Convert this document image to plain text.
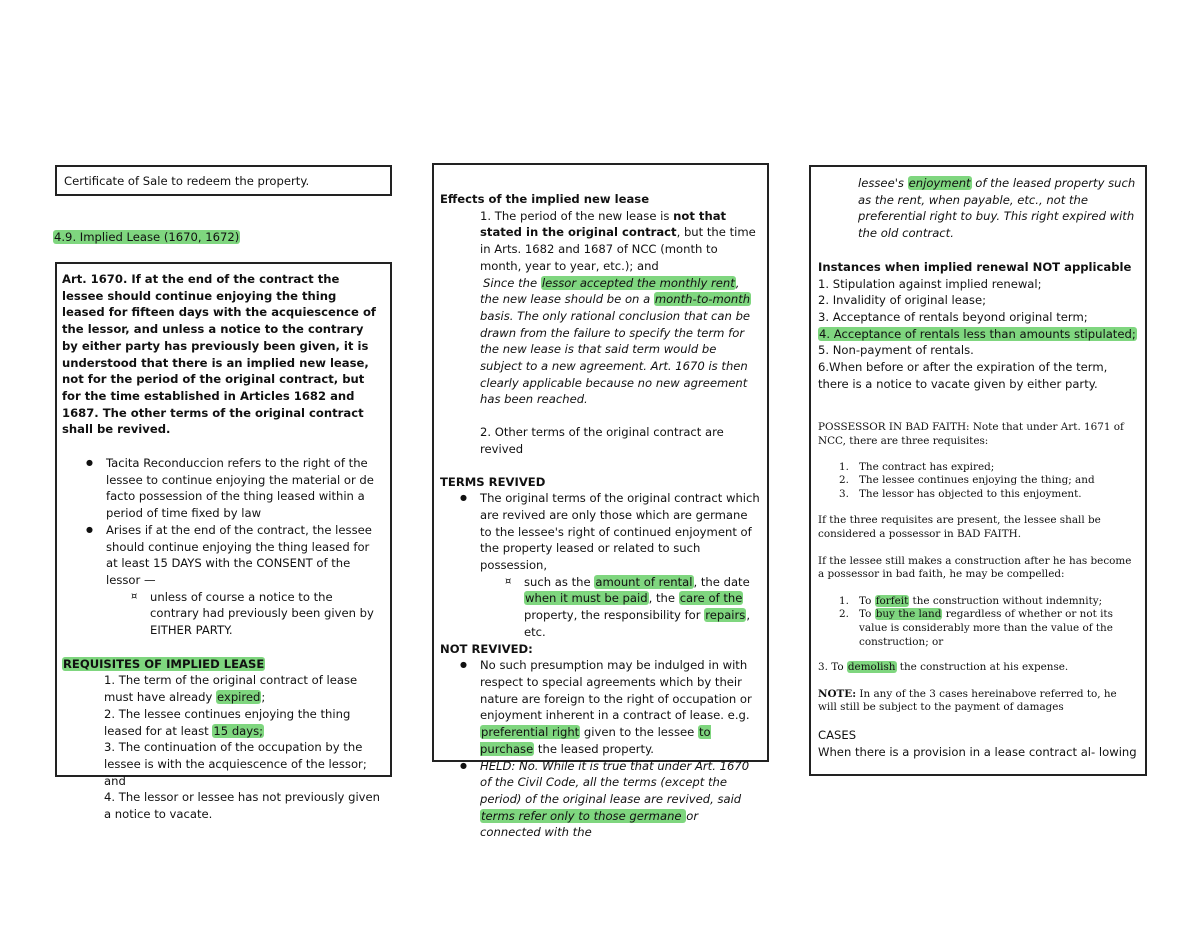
Certificate of Sale to redeem the property.
4.9. Implied Lease (1670, 1672)

Art. 1670. If at the end of the contract the lessee should continue enjoying the thing leased for fifteen days with the acquiescence of the lessor, and unless a notice to the contrary by either party has previously been given, it is understood that there is an implied new lease, not for the period of the original contract, but for the time established in Articles 1682 and 1687. The other terms of the original contract shall be revived.

● Tacita Reconduccion refers to the right of the lessee to continue enjoying the material or de facto possession of the thing leased within a period of time fixed by law
● Arises if at the end of the contract, the lessee should continue enjoying the thing leased for at least 15 DAYS with the CONSENT of the lessor —
¤ unless of course a notice to the contrary had previously been given by EITHER PARTY.

REQUISITES OF IMPLIED LEASE

1. The term of the original contract of lease must have already expired;

2. The lessee continues enjoying the thing leased for at least 15 days;

3. The continuation of the occupation by the lessee is with the acquiescence of the lessor; and

4. The lessor or lessee has not previously given a notice to vacate.

Effects of the implied new lease

1. The period of the new lease is not that stated in the original contract, but the time in Arts. 1682 and 1687 of NCC (month to month, year to year, etc.); and

Since the lessor accepted the monthly rent, the new lease should be on a month-to-month basis. The only rational conclusion that can be drawn from the failure to specify the term for the new lease is that said term would be subject to a new agreement. Art. 1670 is then clearly applicable because no new agreement has been reached.

2. Other terms of the original contract are revived

TERMS REVIVED

● The original terms of the original contract which are revived are only those which are germane to the lessee's right of continued enjoyment of the property leased or related to such possession,
¤ such as the amount of rental, the date when it must be paid, the care of the property, the responsibility for repairs, etc.

NOT REVIVED:

● No such presumption may be indulged in with respect to special agreements which by their nature are foreign to the right of occupation or enjoyment inherent in a contract of lease. e.g. preferential right given to the lessee to purchase the leased property.
● HELD: No. While it is true that under Art. 1670 of the Civil Code, all the terms (except the period) of the original lease are revived, said terms refer only to those germane or connected with the

lessee's enjoyment of the leased property such as the rent, when payable, etc., not the preferential right to buy. This right expired with the old contract.

Instances when implied renewal NOT applicable

1. Stipulation against implied renewal;

2. Invalidity of original lease;

3. Acceptance of rentals beyond original term;

4. Acceptance of rentals less than amounts stipulated;

5. Non-payment of rentals.

6.When before or after the expiration of the term, there is a notice to vacate given by either party.

POSSESSOR IN BAD FAITH: Note that under Art. 1671 of NCC, there are three requisites:

1. The contract has expired;
2. The lessee continues enjoying the thing; and
3. The lessor has objected to this enjoyment.

If the three requisites are present, the lessee shall be considered a possessor in BAD FAITH.

If the lessee still makes a construction after he has become a possessor in bad faith, he may be compelled:

1. To forfeit the construction without indemnity;
2. To buy the land regardless of whether or not its value is considerably more than the value of the construction; or

3. To demolish the construction at his expense.

NOTE: In any of the 3 cases hereinabove referred to, he will still be subject to the payment of damages

CASES

When there is a provision in a lease contract al- lowing
